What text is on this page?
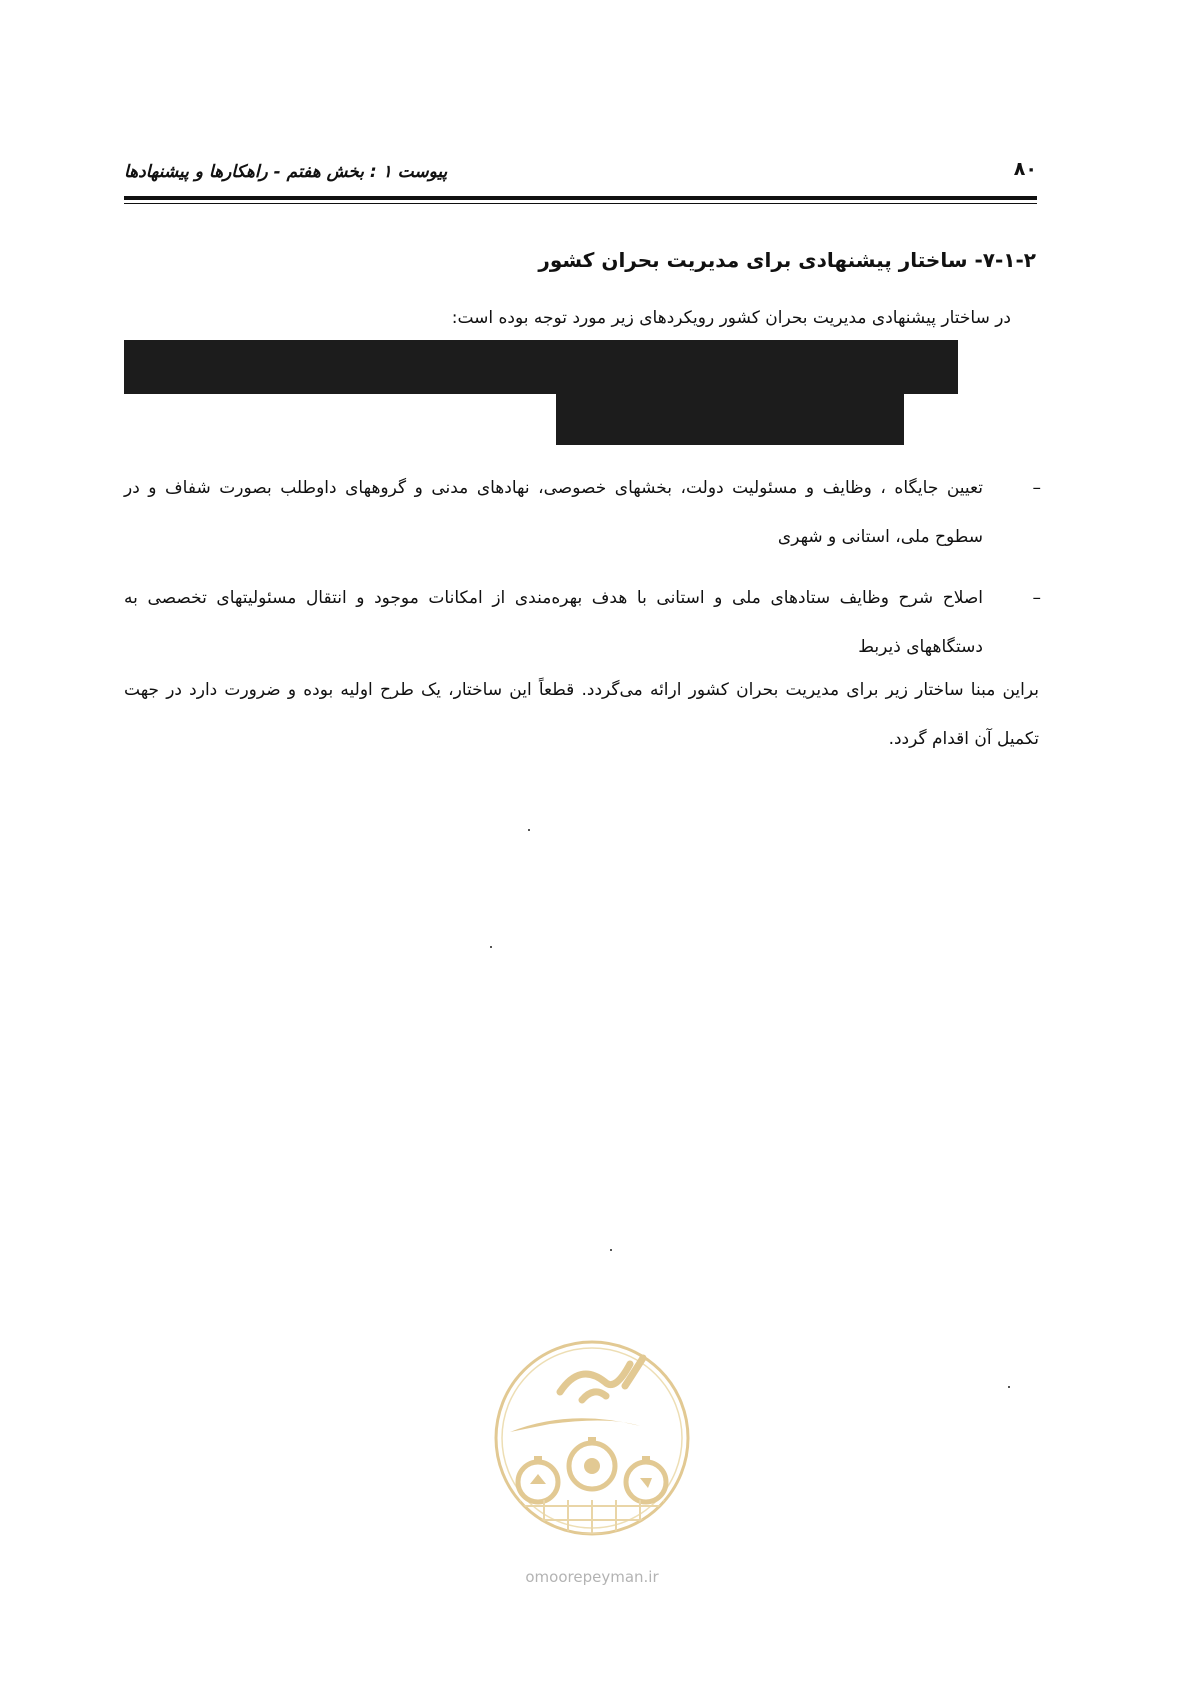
پیوست ۱ : بخش هفتم - راهکارها و پیشنهادها	۸۰
۷-۱-۲- ساختار پیشنهادی برای مدیریت بحران کشور
در ساختار پیشنهادی مدیریت بحران کشور رویکردهای زیر مورد توجه بوده است:
–
تعیین جایگاه ، وظایف و مسئولیت دولت، بخشهای خصوصی، نهادهای مدنی و گروههای داوطلب بصورت شفاف و در سطوح ملی، استانی و شهری
–
اصلاح شرح وظایف ستادهای ملی و استانی با هدف بهره‌مندی از امکانات موجود و انتقال مسئولیتهای تخصصی به دستگاههای ذیربط
براین مبنا ساختار زیر برای مدیریت بحران کشور ارائه می‌گردد. قطعاً این ساختار، یک طرح اولیه بوده و ضرورت دارد در جهت تکمیل آن اقدام گردد.
omoorepeyman.ir
